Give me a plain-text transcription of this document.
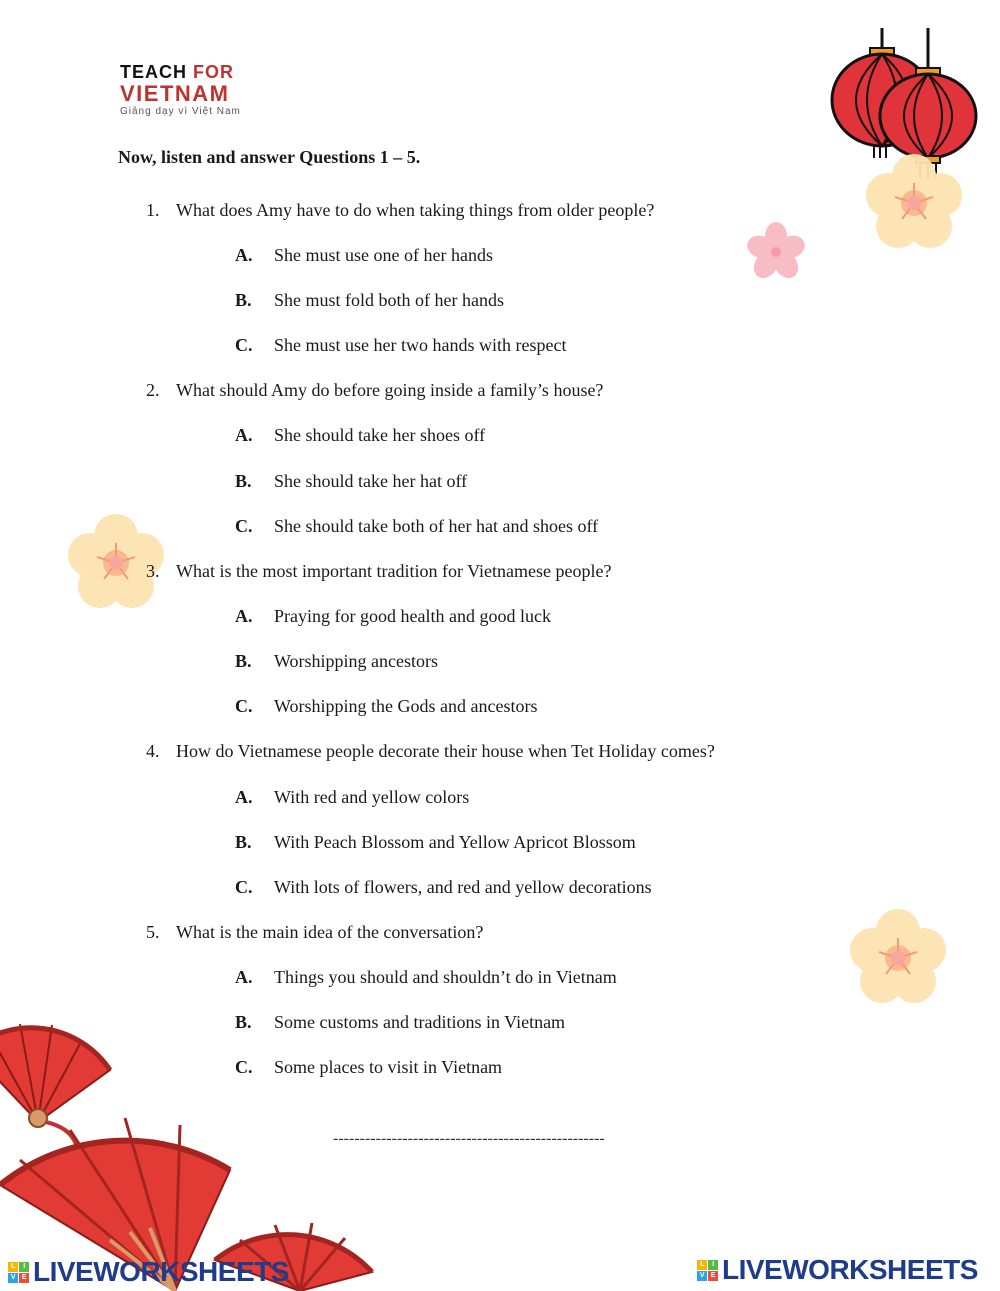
TEACH FOR
VIETNAM
Giảng dạy vì Việt Nam
Now, listen and answer Questions 1 – 5.
1. What does Amy have to do when taking things from older people?
A. She must use one of her hands
B. She must fold both of her hands
C. She must use her two hands with respect
2. What should Amy do before going inside a family’s house?
A. She should take her shoes off
B. She should take her hat off
C. She should take both of her hat and shoes off
3. What is the most important tradition for Vietnamese people?
A. Praying for good health and good luck
B. Worshipping ancestors
C. Worshipping the Gods and ancestors
4. How do Vietnamese people decorate their house when Tet Holiday comes?
A. With red and yellow colors
B. With Peach Blossom and Yellow Apricot Blossom
C. With lots of flowers, and red and yellow decorations
5. What is the main idea of the conversation?
A. Things you should and shouldn’t do in Vietnam
B. Some customs and traditions in Vietnam
C. Some places to visit in Vietnam
---------------------------------------------------
L	I
V E LIVEWORKSHEETS	L	I
V E LIVEWORKSHEETS
